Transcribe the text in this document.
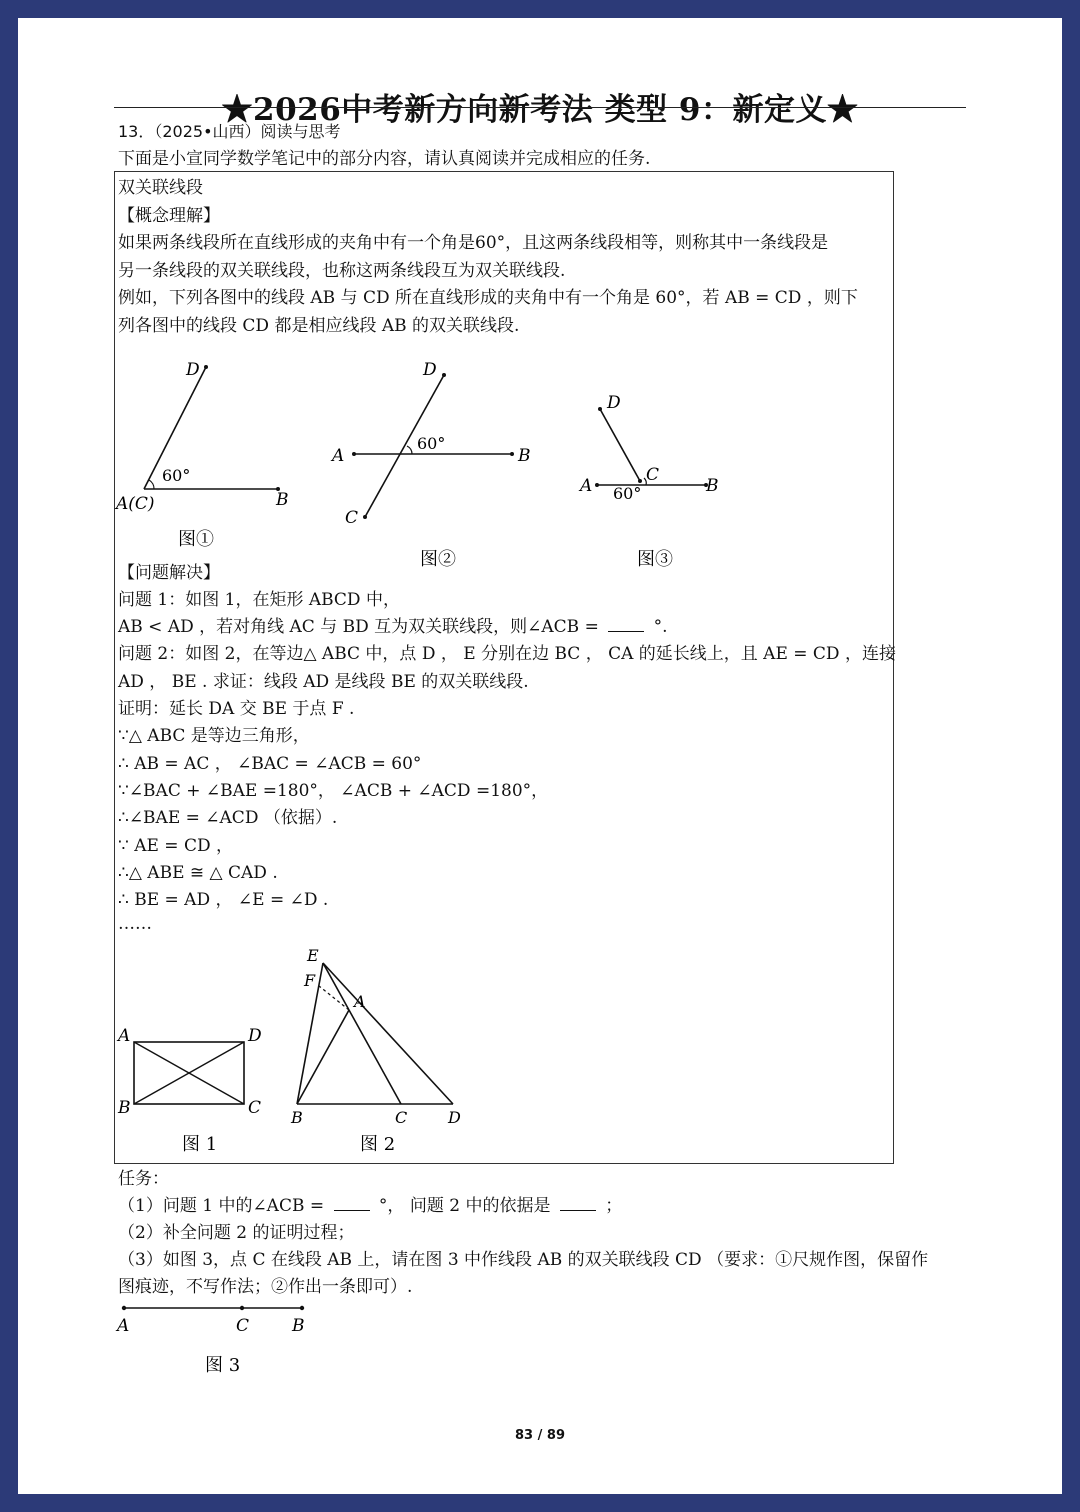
★2026中考新方向新考法 类型 9：新定义★
13．（2025•山西）阅读与思考
下面是小宣同学数学笔记中的部分内容，请认真阅读并完成相应的任务.
双关联线段
【概念理解】
如果两条线段所在直线形成的夹角中有一个角是60°，且这两条线段相等，则称其中一条线段是
另一条线段的双关联线段，也称这两条线段互为双关联线段.
例如，下列各图中的线段 AB 与 CD 所在直线形成的夹角中有一个角是 60°，若 AB = CD ，则下
列各图中的线段 CD 都是相应线段 AB 的双关联线段.
D
60°
A(C)	B
图①
D
60°
A	B
C
图②
D
C
60°
A	B
图③
【问题解决】
问题 1：如图 1，在矩形 ABCD 中，
AB < AD ，若对角线 AC 与 BD 互为双关联线段，则∠ACB =	°.
问题 2：如图 2，在等边△ ABC 中，点 D ， E 分别在边 BC ， CA 的延长线上，且 AE = CD ，连接
AD ， BE . 求证：线段 AD 是线段 BE 的双关联线段.
证明：延长 DA 交 BE 于点 F .
∵△ ABC 是等边三角形，
∴ AB = AC ， ∠BAC = ∠ACB = 60°
∵∠BAC + ∠BAE =180°， ∠ACB + ∠ACD =180°，
∴∠BAE = ∠ACD （依据）.
∵ AE = CD ，
∴△ ABE ≅ △ CAD .
∴ BE = AD ， ∠E = ∠D .
……
A	D
B	C
图 1
E
F
A
B	C	D
图 2
任务：
（1）问题 1 中的∠ACB =	°， 问题 2 中的依据是	；
（2）补全问题 2 的证明过程；
（3）如图 3，点 C 在线段 AB 上，请在图 3 中作线段 AB 的双关联线段 CD （要求：①尺规作图，保留作
图痕迹，不写作法；②作出一条即可）.
A	C	B
图 3
83 / 89
